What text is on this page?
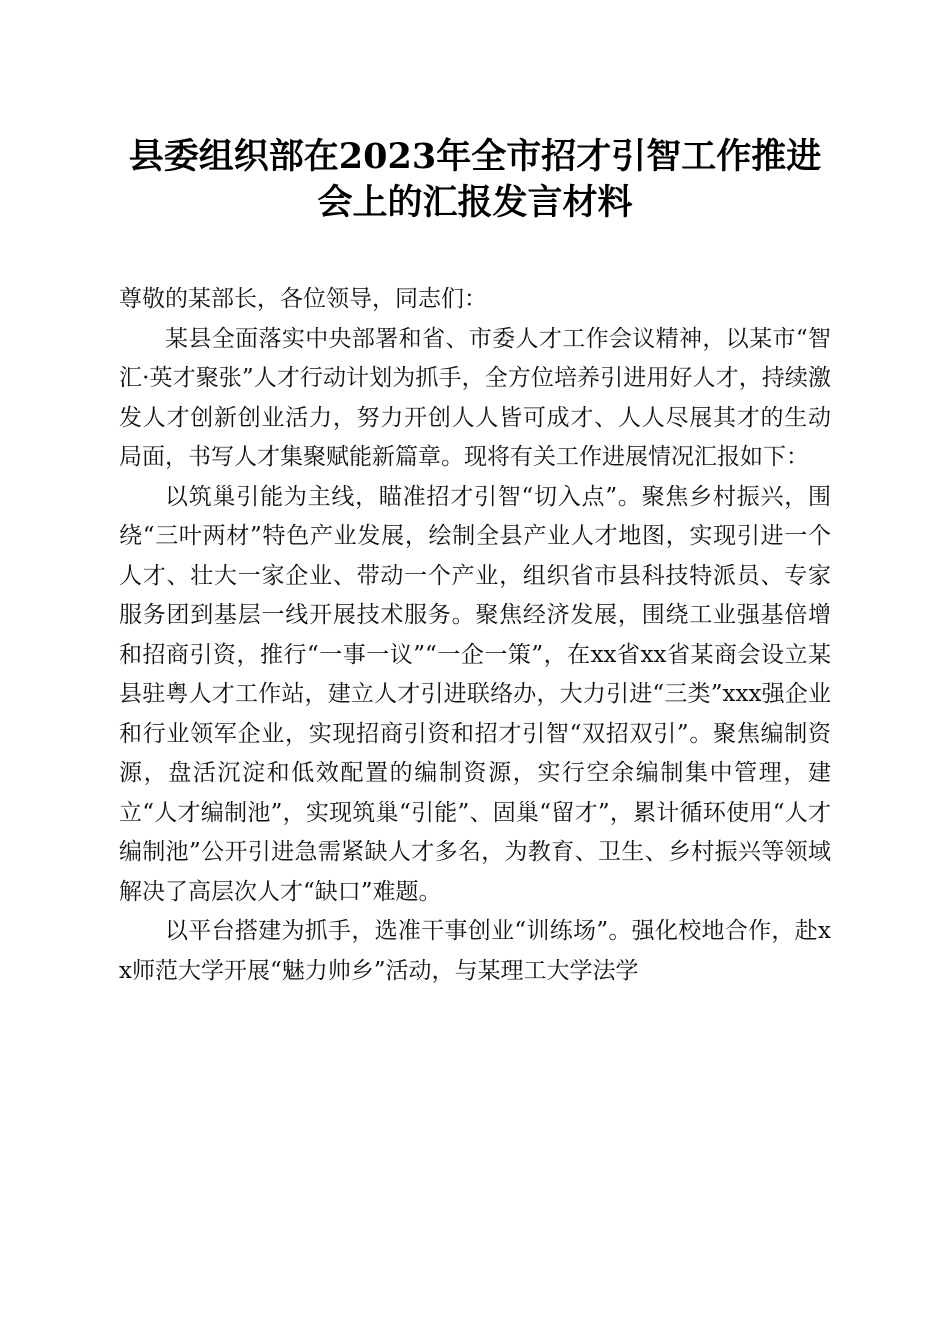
县委组织部在2023年全市招才引智工作推进
会上的汇报发言材料

尊敬的某部长，各位领导，同志们：

某县全面落实中央部署和省、市委人才工作会议精神，以某市“智汇·英才聚张”人才行动计划为抓手，全方位培养引进用好人才，持续激发人才创新创业活力，努力开创人人皆可成才、人人尽展其才的生动局面，书写人才集聚赋能新篇章。现将有关工作进展情况汇报如下：

以筑巢引能为主线，瞄准招才引智“切入点”。聚焦乡村振兴，围绕“三叶两材”特色产业发展，绘制全县产业人才地图，实现引进一个人才、壮大一家企业、带动一个产业，组织省市县科技特派员、专家服务团到基层一线开展技术服务。聚焦经济发展，围绕工业强基倍增和招商引资，推行“一事一议”“一企一策”，在xx省xx省某商会设立某县驻粤人才工作站，建立人才引进联络办，大力引进“三类”xxx强企业和行业领军企业，实现招商引资和招才引智“双招双引”。聚焦编制资源，盘活沉淀和低效配置的编制资源，实行空余编制集中管理，建立“人才编制池”，实现筑巢“引能”、固巢“留才”，累计循环使用“人才编制池”公开引进急需紧缺人才多名，为教育、卫生、乡村振兴等领域解决了高层次人才“缺口”难题。

以平台搭建为抓手，选准干事创业“训练场”。强化校地合作，赴xx师范大学开展“魅力帅乡”活动，与某理工大学法学
